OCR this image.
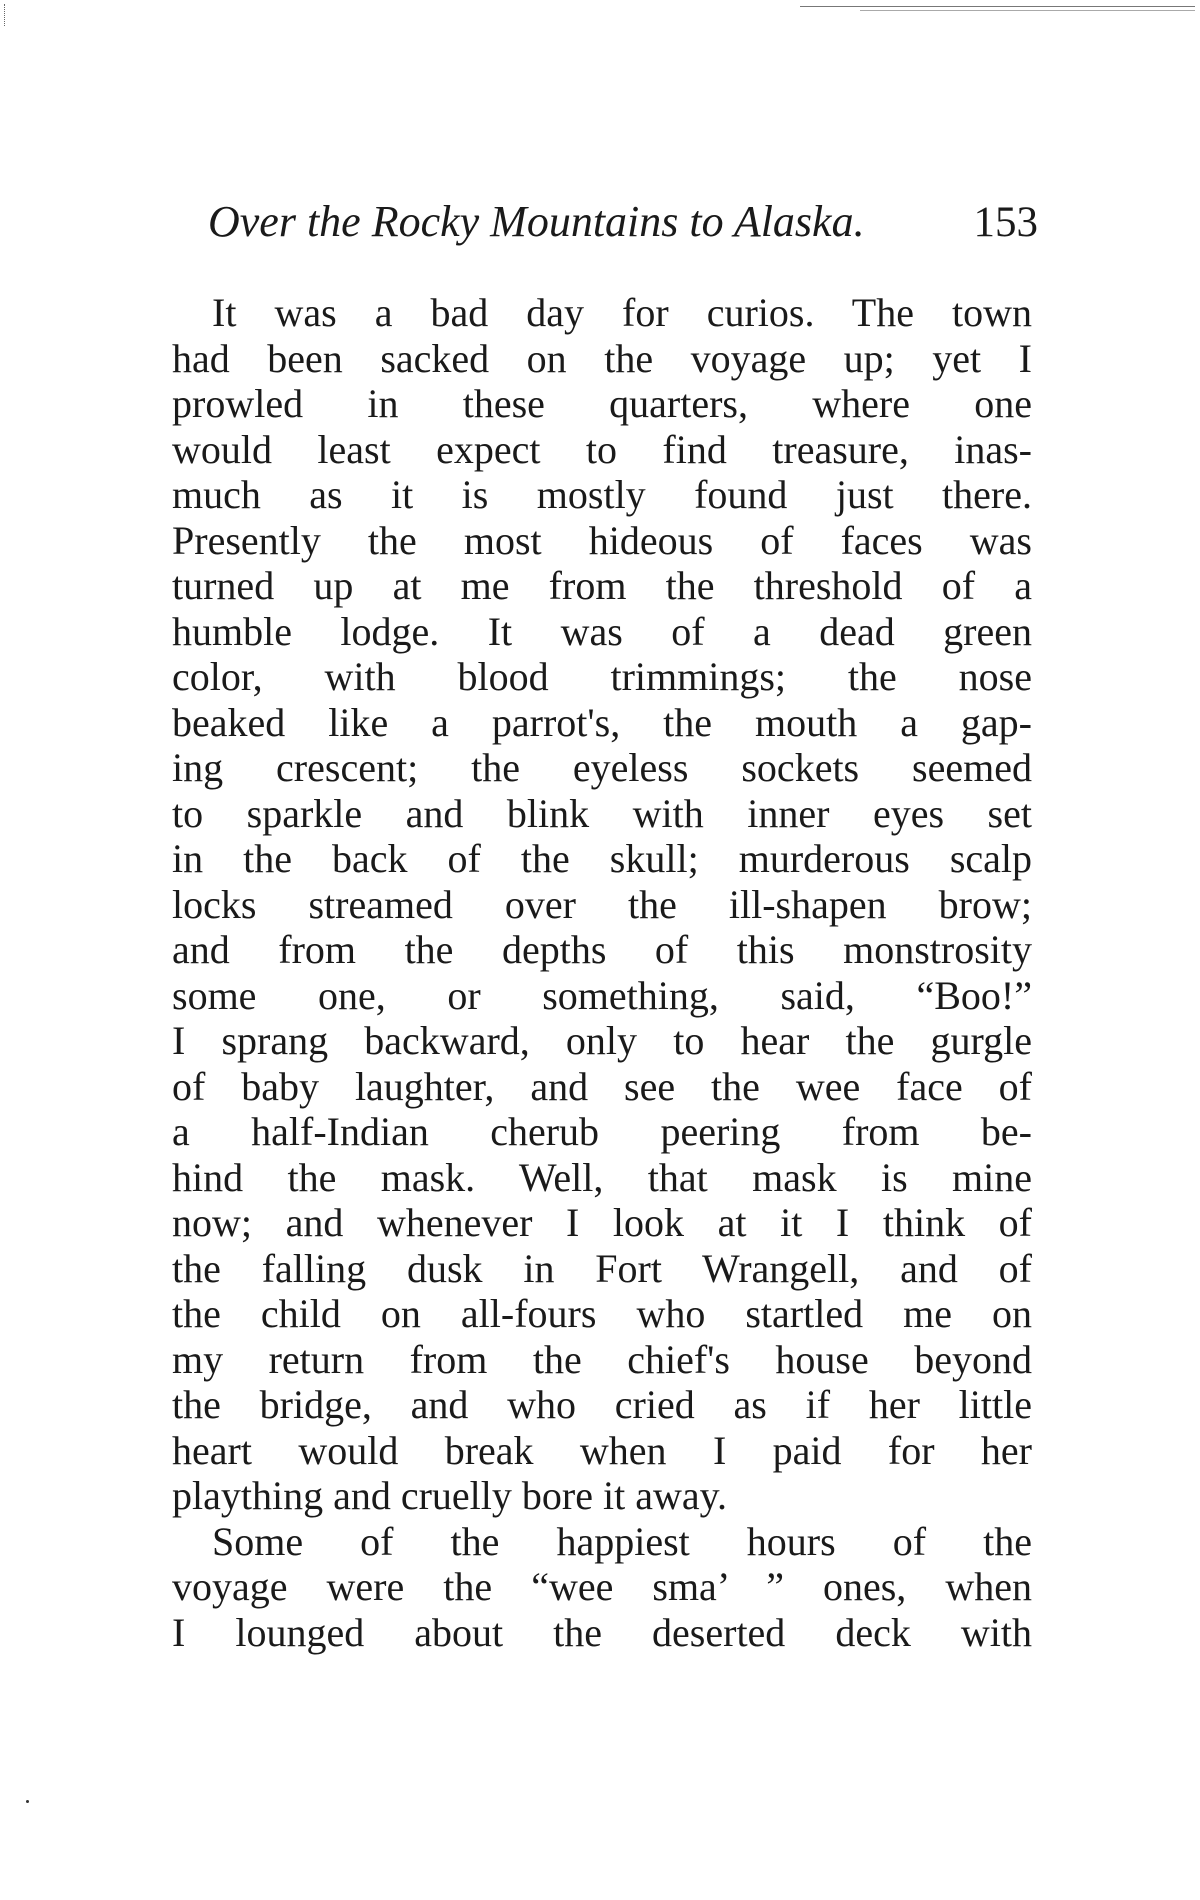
Over the Rocky Mountains to Alaska.	153
It was a bad day for curios. The town
had been sacked on the voyage up; yet I
prowled in these quarters, where one
would least expect to find treasure, inas-
much as it is mostly found just there.
Presently the most hideous of faces was
turned up at me from the threshold of a
humble lodge. It was of a dead green
color, with blood trimmings; the nose
beaked like a parrot's, the mouth a gap-
ing crescent; the eyeless sockets seemed
to sparkle and blink with inner eyes set
in the back of the skull; murderous scalp
locks streamed over the ill-shapen brow;
and from the depths of this monstrosity
some one, or something, said, “Boo!”
I sprang backward, only to hear the gurgle
of baby laughter, and see the wee face of
a half-Indian cherub peering from be-
hind the mask. Well, that mask is mine
now; and whenever I look at it I think of
the falling dusk in Fort Wrangell, and of
the child on all-fours who startled me on
my return from the chief's house beyond
the bridge, and who cried as if her little
heart would break when I paid for her
plaything and cruelly bore it away.
Some of the happiest hours of the
voyage were the “wee sma’ ” ones, when
I lounged about the deserted deck with
